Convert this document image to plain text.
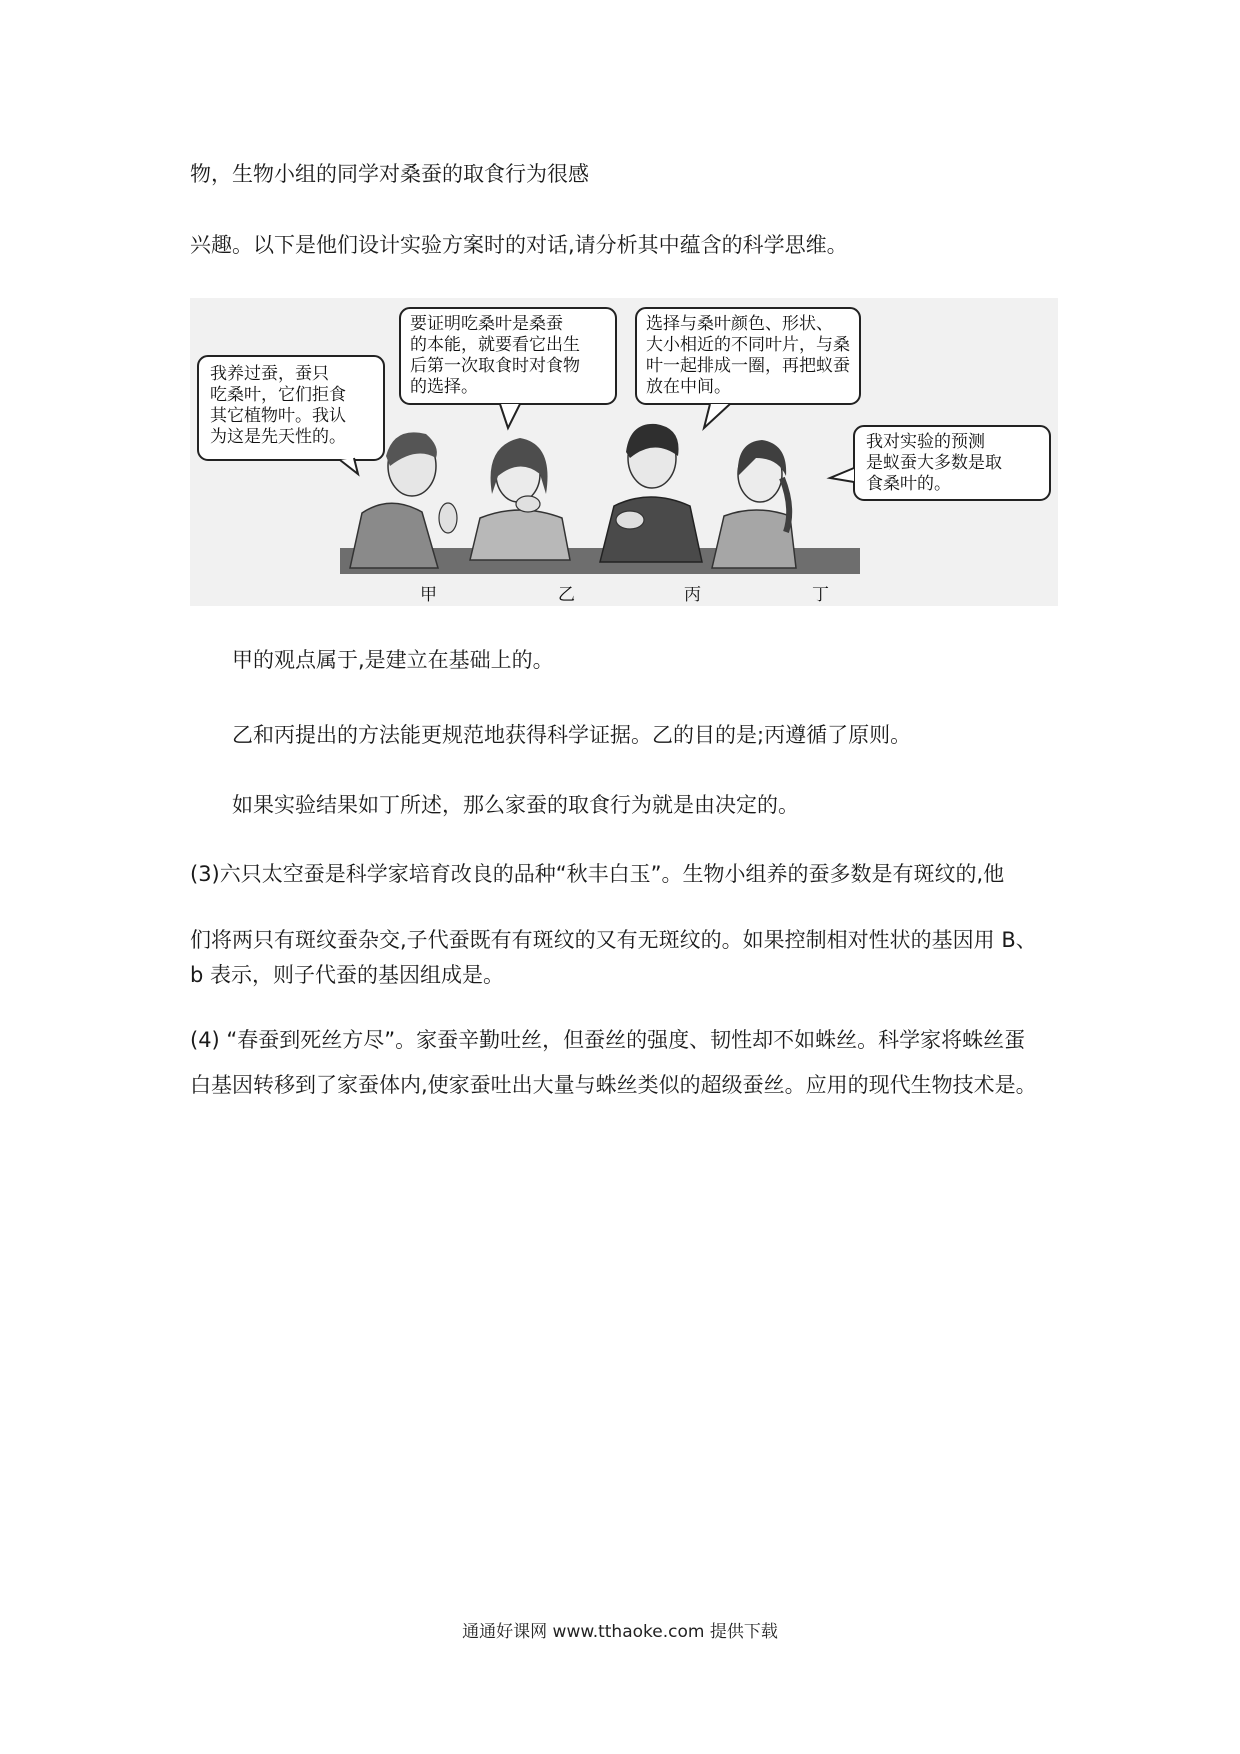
物，生物小组的同学对桑蚕的取食行为很感
兴趣。以下是他们设计实验方案时的对话,请分析其中蕴含的科学思维。
我养过蚕，蚕只
吃桑叶，它们拒食
其它植物叶。我认
为这是先天性的。
要证明吃桑叶是桑蚕
的本能，就要看它出生
后第一次取食时对食物
的选择。
选择与桑叶颜色、形状、
大小相近的不同叶片，与桑
叶一起排成一圈，再把蚁蚕
放在中间。
我对实验的预测
是蚁蚕大多数是取
食桑叶的。
甲	乙	丙	丁
甲的观点属于,是建立在基础上的。
乙和丙提出的方法能更规范地获得科学证据。乙的目的是;丙遵循了原则。
如果实验结果如丁所述，那么家蚕的取食行为就是由决定的。
(3)六只太空蚕是科学家培育改良的品种“秋丰白玉”。生物小组养的蚕多数是有斑纹的,他
们将两只有斑纹蚕杂交,子代蚕既有有斑纹的又有无斑纹的。如果控制相对性状的基因用 B、
b 表示，则子代蚕的基因组成是。
(4) “春蚕到死丝方尽”。家蚕辛勤吐丝，但蚕丝的强度、韧性却不如蛛丝。科学家将蛛丝蛋
白基因转移到了家蚕体内,使家蚕吐出大量与蛛丝类似的超级蚕丝。应用的现代生物技术是。
通通好课网 www.tthaoke.com 提供下载
